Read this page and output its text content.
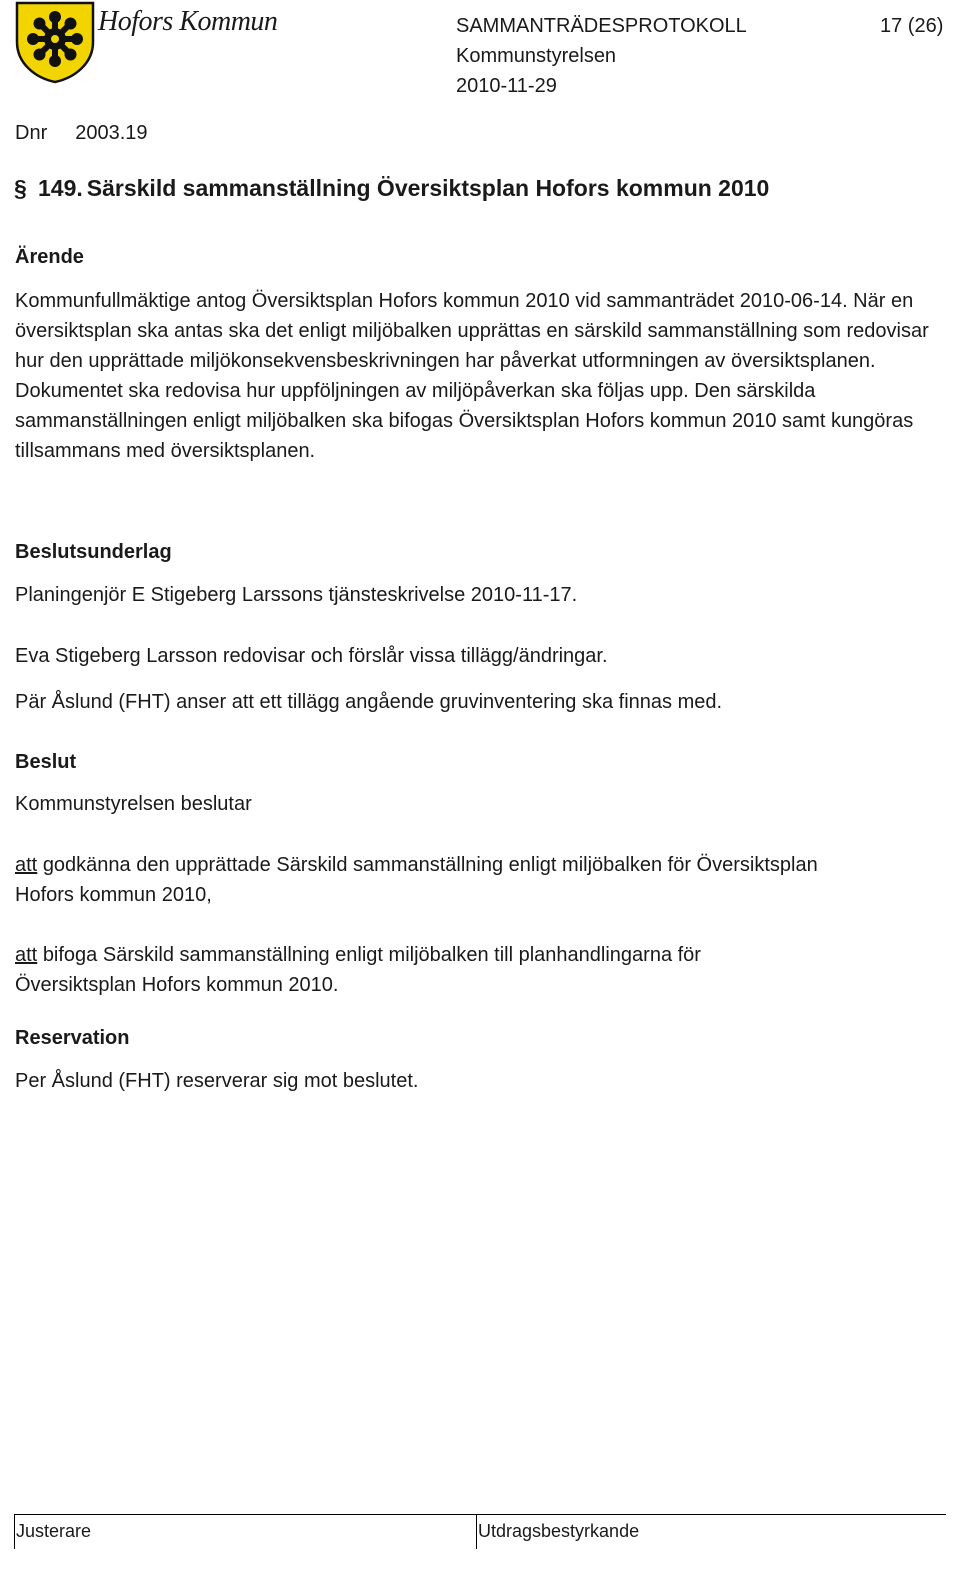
Hofors Kommun	SAMMANTRÄDESPROTOKOLL
Kommunstyrelsen
2010-11-29
17 (26)
Dnr 2003.19
§ 149. Särskild sammanställning Översiktsplan Hofors kommun 2010
Ärende
Kommunfullmäktige antog Översiktsplan Hofors kommun 2010 vid sammanträdet 2010-06-14. När en översiktsplan ska antas ska det enligt miljöbalken upprättas en särskild sammanställning som redovisar hur den upprättade miljökonsekvensbeskrivningen har påverkat utformningen av översiktsplanen. Dokumentet ska redovisa hur uppföljningen av miljöpåverkan ska följas upp. Den särskilda sammanställningen enligt miljöbalken ska bifogas Översiktsplan Hofors kommun 2010 samt kungöras tillsammans med översiktsplanen.
Beslutsunderlag
Planingenjör E Stigeberg Larssons tjänsteskrivelse 2010-11-17.
Eva Stigeberg Larsson redovisar och förslår vissa tillägg/ändringar.
Pär Åslund (FHT) anser att ett tillägg angående gruvinventering ska finnas med.
Beslut
Kommunstyrelsen beslutar
att godkänna den upprättade Särskild sammanställning enligt miljöbalken för Översiktsplan
Hofors kommun 2010,
att bifoga Särskild sammanställning enligt miljöbalken till planhandlingarna för
Översiktsplan Hofors kommun 2010.
Reservation
Per Åslund (FHT) reserverar sig mot beslutet.
Justerare	Utdragsbestyrkande
